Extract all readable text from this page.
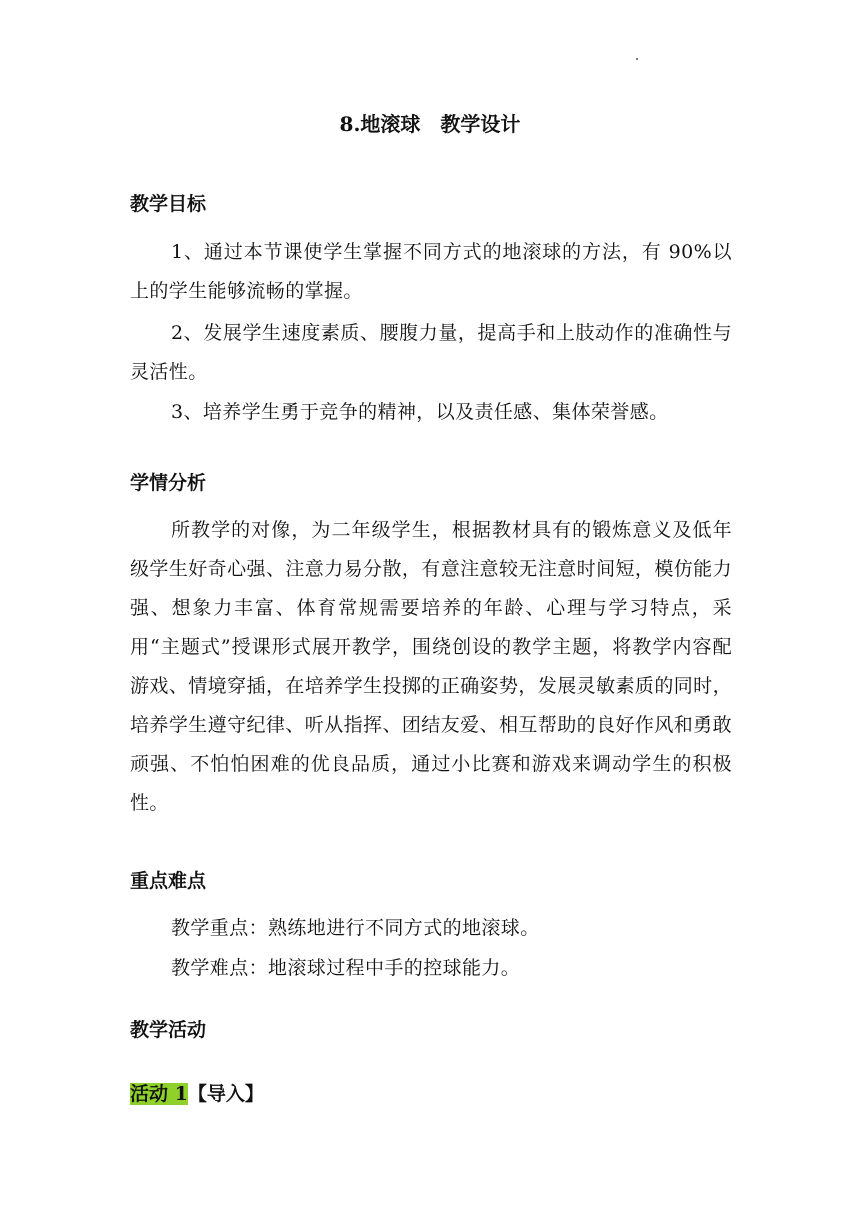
8.地滚球　教学设计
教学目标
1、通过本节课使学生掌握不同方式的地滚球的方法，有 90%以上的学生能够流畅的掌握。
2、发展学生速度素质、腰腹力量，提高手和上肢动作的准确性与灵活性。
3、培养学生勇于竞争的精神，以及责任感、集体荣誉感。
学情分析
所教学的对像，为二年级学生，根据教材具有的锻炼意义及低年级学生好奇心强、注意力易分散，有意注意较无注意时间短，模仿能力强、想象力丰富、体育常规需要培养的年龄、心理与学习特点，采用“主题式”授课形式展开教学，围绕创设的教学主题，将教学内容配游戏、情境穿插，在培养学生投掷的正确姿势，发展灵敏素质的同时，培养学生遵守纪律、听从指挥、团结友爱、相互帮助的良好作风和勇敢顽强、不怕怕困难的优良品质，通过小比赛和游戏来调动学生的积极性。
重点难点
教学重点：熟练地进行不同方式的地滚球。
教学难点：地滚球过程中手的控球能力。
教学活动
活动 1【导入】
